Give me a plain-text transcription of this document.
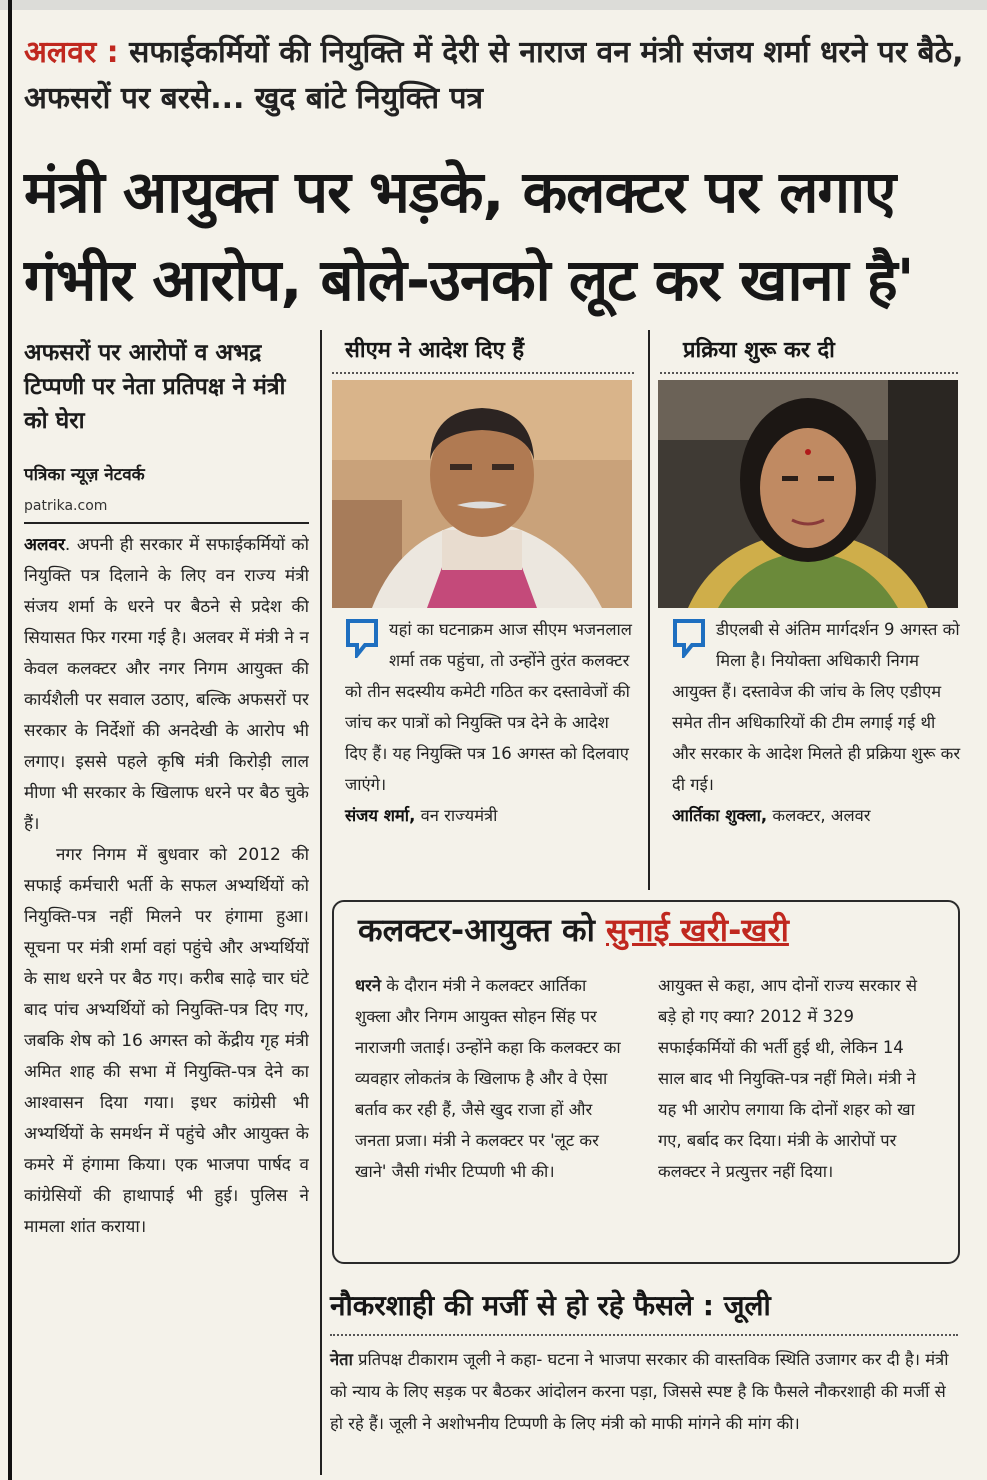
अलवर : सफाईकर्मियों की नियुक्ति में देरी से नाराज वन मंत्री संजय शर्मा धरने पर बैठे, अफसरों पर बरसे... खुद बांटे नियुक्ति पत्र
मंत्री आयुक्त पर भड़के, कलक्टर पर लगाए गंभीर आरोप, बोले-उनको लूट कर खाना है'
अफसरों पर आरोपों व अभद्र टिप्पणी पर नेता प्रतिपक्ष ने मंत्री को घेरा
पत्रिका न्यूज़ नेटवर्क
patrika.com

अलवर. अपनी ही सरकार में सफाईकर्मियों को नियुक्ति पत्र दिलाने के लिए वन राज्य मंत्री संजय शर्मा के धरने पर बैठने से प्रदेश की सियासत फिर गरमा गई है। अलवर में मंत्री ने न केवल कलक्टर और नगर निगम आयुक्त की कार्यशैली पर सवाल उठाए, बल्कि अफसरों पर सरकार के निर्देशों की अनदेखी के आरोप भी लगाए। इससे पहले कृषि मंत्री किरोड़ी लाल मीणा भी सरकार के खिलाफ धरने पर बैठ चुके हैं।

नगर निगम में बुधवार को 2012 की सफाई कर्मचारी भर्ती के सफल अभ्यर्थियों को नियुक्ति-पत्र नहीं मिलने पर हंगामा हुआ। सूचना पर मंत्री शर्मा वहां पहुंचे और अभ्यर्थियों के साथ धरने पर बैठ गए। करीब साढ़े चार घंटे बाद पांच अभ्यर्थियों को नियुक्ति-पत्र दिए गए, जबकि शेष को 16 अगस्त को केंद्रीय गृह मंत्री अमित शाह की सभा में नियुक्ति-पत्र देने का आश्वासन दिया गया। इधर कांग्रेसी भी अभ्यर्थियों के समर्थन में पहुंचे और आयुक्त के कमरे में हंगामा किया। एक भाजपा पार्षद व कांग्रेसियों की हाथापाई भी हुई। पुलिस ने मामला शांत कराया।

सीएम ने आदेश दिए हैं

यहां का घटनाक्रम आज सीएम भजनलाल शर्मा तक पहुंचा, तो उन्होंने तुरंत कलक्टर को तीन सदस्यीय कमेटी गठित कर दस्तावेजों की जांच कर पात्रों को नियुक्ति पत्र देने के आदेश दिए हैं। यह नियुक्ति पत्र 16 अगस्त को दिलवाए जाएंगे।

संजय शर्मा, वन राज्यमंत्री

प्रक्रिया शुरू कर दी

डीएलबी से अंतिम मार्गदर्शन 9 अगस्त को मिला है। नियोक्ता अधिकारी निगम आयुक्त हैं। दस्तावेज की जांच के लिए एडीएम समेत तीन अधिकारियों की टीम लगाई गई थी और सरकार के आदेश मिलते ही प्रक्रिया शुरू कर दी गई।

आर्तिका शुक्ला, कलक्टर, अलवर

कलक्टर-आयुक्त को सुनाई खरी-खरी

धरने के दौरान मंत्री ने कलक्टर आर्तिका शुक्ला और निगम आयुक्त सोहन सिंह पर नाराजगी जताई। उन्होंने कहा कि कलक्टर का व्यवहार लोकतंत्र के खिलाफ है और वे ऐसा बर्ताव कर रही हैं, जैसे खुद राजा हों और जनता प्रजा। मंत्री ने कलक्टर पर 'लूट कर खाने' जैसी गंभीर टिप्पणी भी की।

आयुक्त से कहा, आप दोनों राज्य सरकार से बड़े हो गए क्या? 2012 में 329 सफाईकर्मियों की भर्ती हुई थी, लेकिन 14 साल बाद भी नियुक्ति-पत्र नहीं मिले। मंत्री ने यह भी आरोप लगाया कि दोनों शहर को खा गए, बर्बाद कर दिया। मंत्री के आरोपों पर कलक्टर ने प्रत्युत्तर नहीं दिया।

नौकरशाही की मर्जी से हो रहे फैसले : जूली

नेता प्रतिपक्ष टीकाराम जूली ने कहा- घटना ने भाजपा सरकार की वास्तविक स्थिति उजागर कर दी है। मंत्री को न्याय के लिए सड़क पर बैठकर आंदोलन करना पड़ा, जिससे स्पष्ट है कि फैसले नौकरशाही की मर्जी से हो रहे हैं। जूली ने अशोभनीय टिप्पणी के लिए मंत्री को माफी मांगने की मांग की।
